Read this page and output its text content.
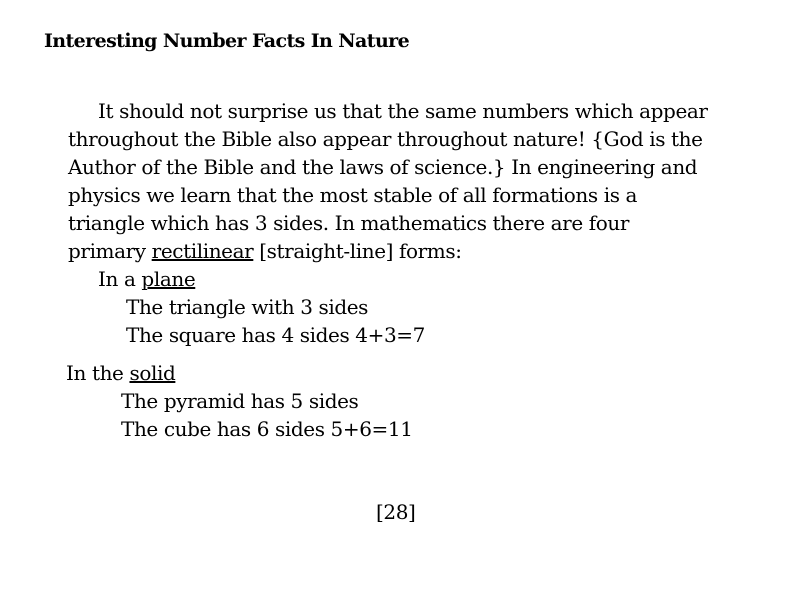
Interesting Number Facts In Nature
It should not surprise us that the same numbers which appear
throughout the Bible also appear throughout nature! {God is the
Author of the Bible and the laws of science.} In engineering and
physics we learn that the most stable of all formations is a
triangle which has 3 sides. In mathematics there are four
primary rectilinear [straight-line] forms:
In a plane
The triangle with 3 sides
The square has 4 sides 4+3=7
In the solid
The pyramid has 5 sides
The cube has 6 sides 5+6=11
[28]
